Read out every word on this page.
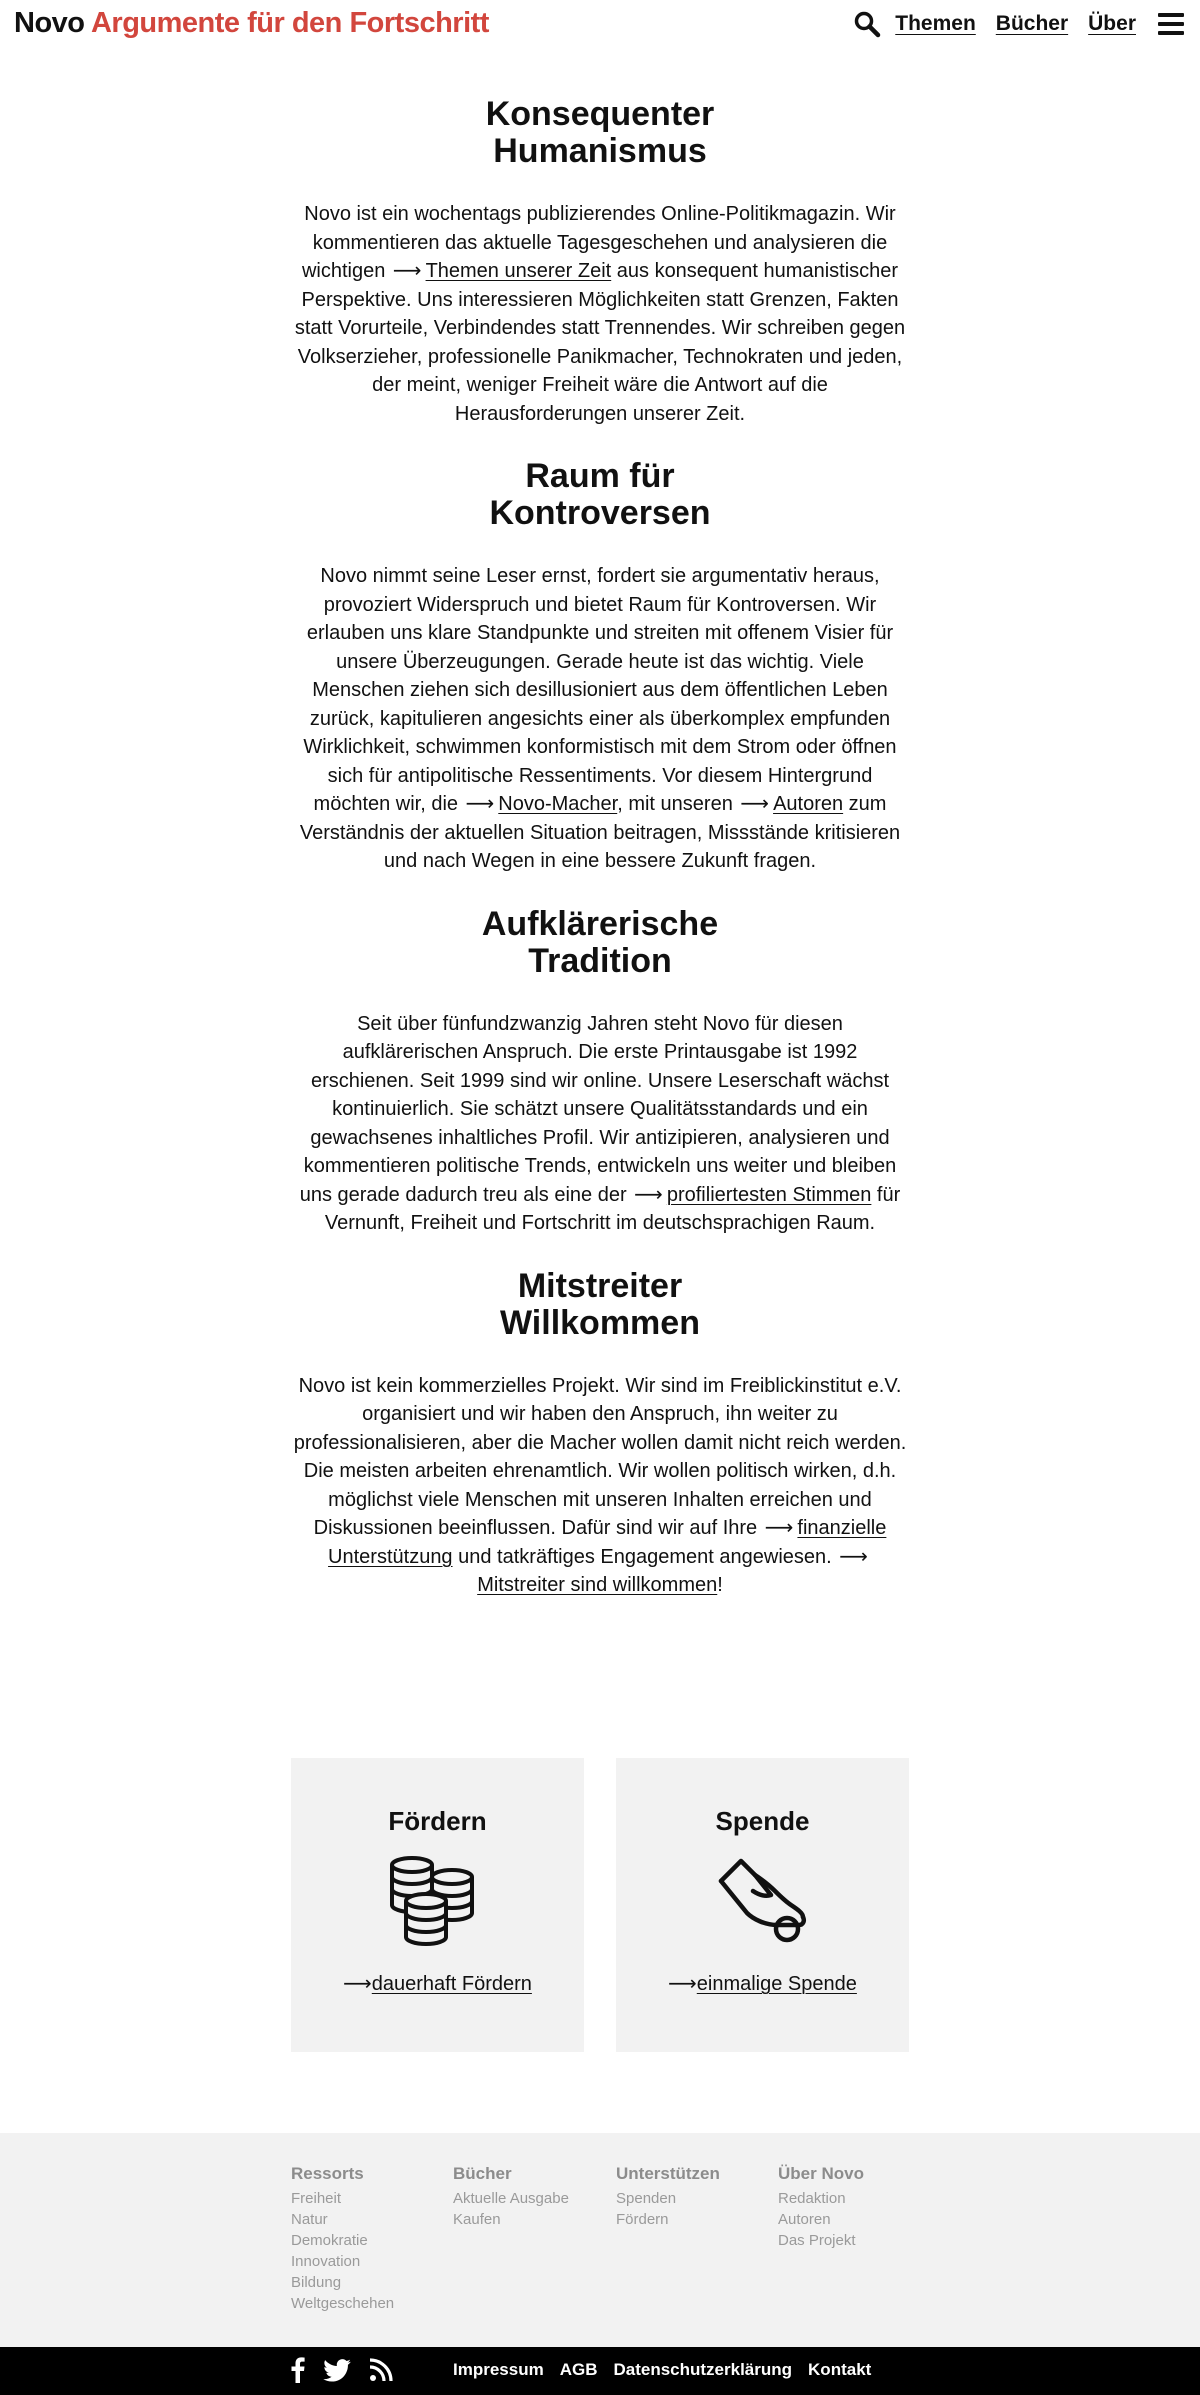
Novo Argumente für den Fortschritt	Themen Bücher Über
Konsequenter Humanismus

Novo ist ein wochentags publizierendes Online-Politikmagazin. Wir kommentieren das aktuelle Tagesgeschehen und analysieren die wichtigen ⟶ Themen unserer Zeit aus konsequent humanistischer Perspektive. Uns interessieren Möglichkeiten statt Grenzen, Fakten statt Vorurteile, Verbindendes statt Trennendes. Wir schreiben gegen Volkserzieher, professionelle Panikmacher, Technokraten und jeden, der meint, weniger Freiheit wäre die Antwort auf die Herausforderungen unserer Zeit.

Raum für Kontroversen

Novo nimmt seine Leser ernst, fordert sie argumentativ heraus, provoziert Widerspruch und bietet Raum für Kontroversen. Wir erlauben uns klare Standpunkte und streiten mit offenem Visier für unsere Überzeugungen. Gerade heute ist das wichtig. Viele Menschen ziehen sich desillusioniert aus dem öffentlichen Leben zurück, kapitulieren angesichts einer als überkomplex empfunden Wirklichkeit, schwimmen konformistisch mit dem Strom oder öffnen sich für antipolitische Ressentiments. Vor diesem Hintergrund möchten wir, die ⟶ Novo-Macher, mit unseren ⟶ Autoren zum Verständnis der aktuellen Situation beitragen, Missstände kritisieren und nach Wegen in eine bessere Zukunft fragen.

Aufklärerische Tradition

Seit über fünfundzwanzig Jahren steht Novo für diesen aufklärerischen Anspruch. Die erste Printausgabe ist 1992 erschienen. Seit 1999 sind wir online. Unsere Leserschaft wächst kontinuierlich. Sie schätzt unsere Qualitätsstandards und ein gewachsenes inhaltliches Profil. Wir antizipieren, analysieren und kommentieren politische Trends, entwickeln uns weiter und bleiben uns gerade dadurch treu als eine der ⟶ profiliertesten Stimmen für Vernunft, Freiheit und Fortschritt im deutschsprachigen Raum.

Mitstreiter Willkommen

Novo ist kein kommerzielles Projekt. Wir sind im Freiblickinstitut e.V. organisiert und wir haben den Anspruch, ihn weiter zu professionalisieren, aber die Macher wollen damit nicht reich werden. Die meisten arbeiten ehrenamtlich. Wir wollen politisch wirken, d.h. möglichst viele Menschen mit unseren Inhalten erreichen und Diskussionen beeinflussen. Dafür sind wir auf Ihre ⟶ finanzielle Unterstützung und tatkräftiges Engagement angewiesen. ⟶Mitstreiter sind willkommen!

Fördern
⟶dauerhaft Fördern
Spende
⟶einmalige Spende
Ressorts
Freiheit
Natur
Demokratie
Innovation
Bildung
Weltgeschehen
Bücher
Aktuelle Ausgabe
Kaufen
Unterstützen
Spenden
Fördern
Über Novo
Redaktion
Autoren
Das Projekt
Impressum AGB Datenschutzerklärung Kontakt
